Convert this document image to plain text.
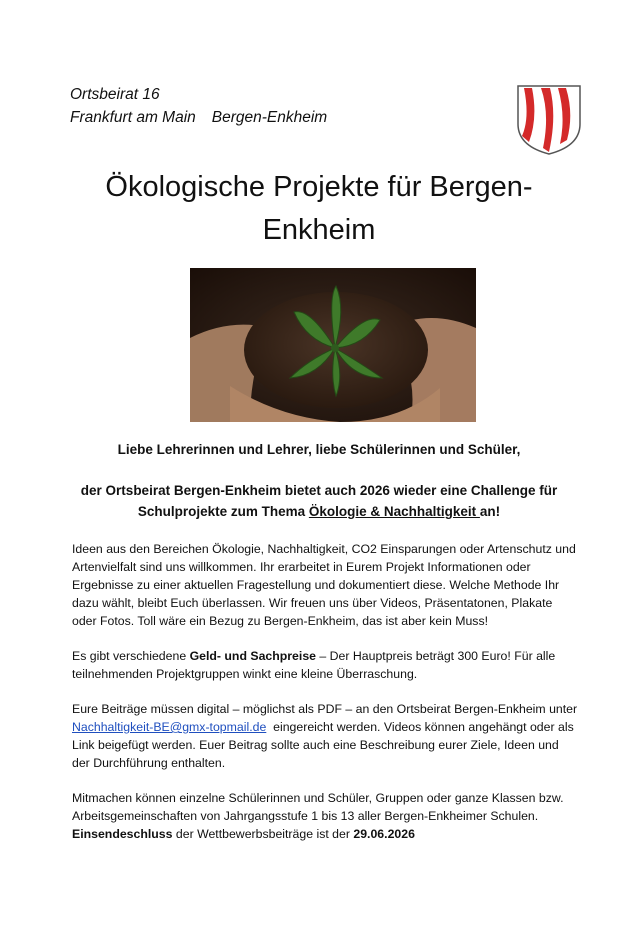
Ortsbeirat 16
Frankfurt am Main Bergen-Enkheim
Ökologische Projekte für Bergen-
Enkheim
Liebe Lehrerinnen und Lehrer, liebe Schülerinnen und Schüler,
der Ortsbeirat Bergen-Enkheim bietet auch 2026 wieder eine Challenge für
Schulprojekte zum Thema Ökologie & Nachhaltigkeit an!

Ideen aus den Bereichen Ökologie, Nachhaltigkeit, CO2 Einsparungen oder Artenschutz und
Artenvielfalt sind uns willkommen. Ihr erarbeitet in Eurem Projekt Informationen oder
Ergebnisse zu einer aktuellen Fragestellung und dokumentiert diese. Welche Methode Ihr
dazu wählt, bleibt Euch überlassen. Wir freuen uns über Videos, Präsentatonen, Plakate
oder Fotos. Toll wäre ein Bezug zu Bergen-Enkheim, das ist aber kein Muss!

Es gibt verschiedene Geld- und Sachpreise – Der Hauptpreis beträgt 300 Euro! Für alle
teilnehmenden Projektgruppen winkt eine kleine Überraschung.

Eure Beiträge müssen digital – möglichst als PDF – an den Ortsbeirat Bergen-Enkheim unter
Nachhaltigkeit-BE@gmx-topmail.de  eingereicht werden. Videos können angehängt oder als
Link beigefügt werden. Euer Beitrag sollte auch eine Beschreibung eurer Ziele, Ideen und
der Durchführung enthalten.

Mitmachen können einzelne Schülerinnen und Schüler, Gruppen oder ganze Klassen bzw.
Arbeitsgemeinschaften von Jahrgangsstufe 1 bis 13 aller Bergen-Enkheimer Schulen.
Einsendeschluss der Wettbewerbsbeiträge ist der 29.06.2026
